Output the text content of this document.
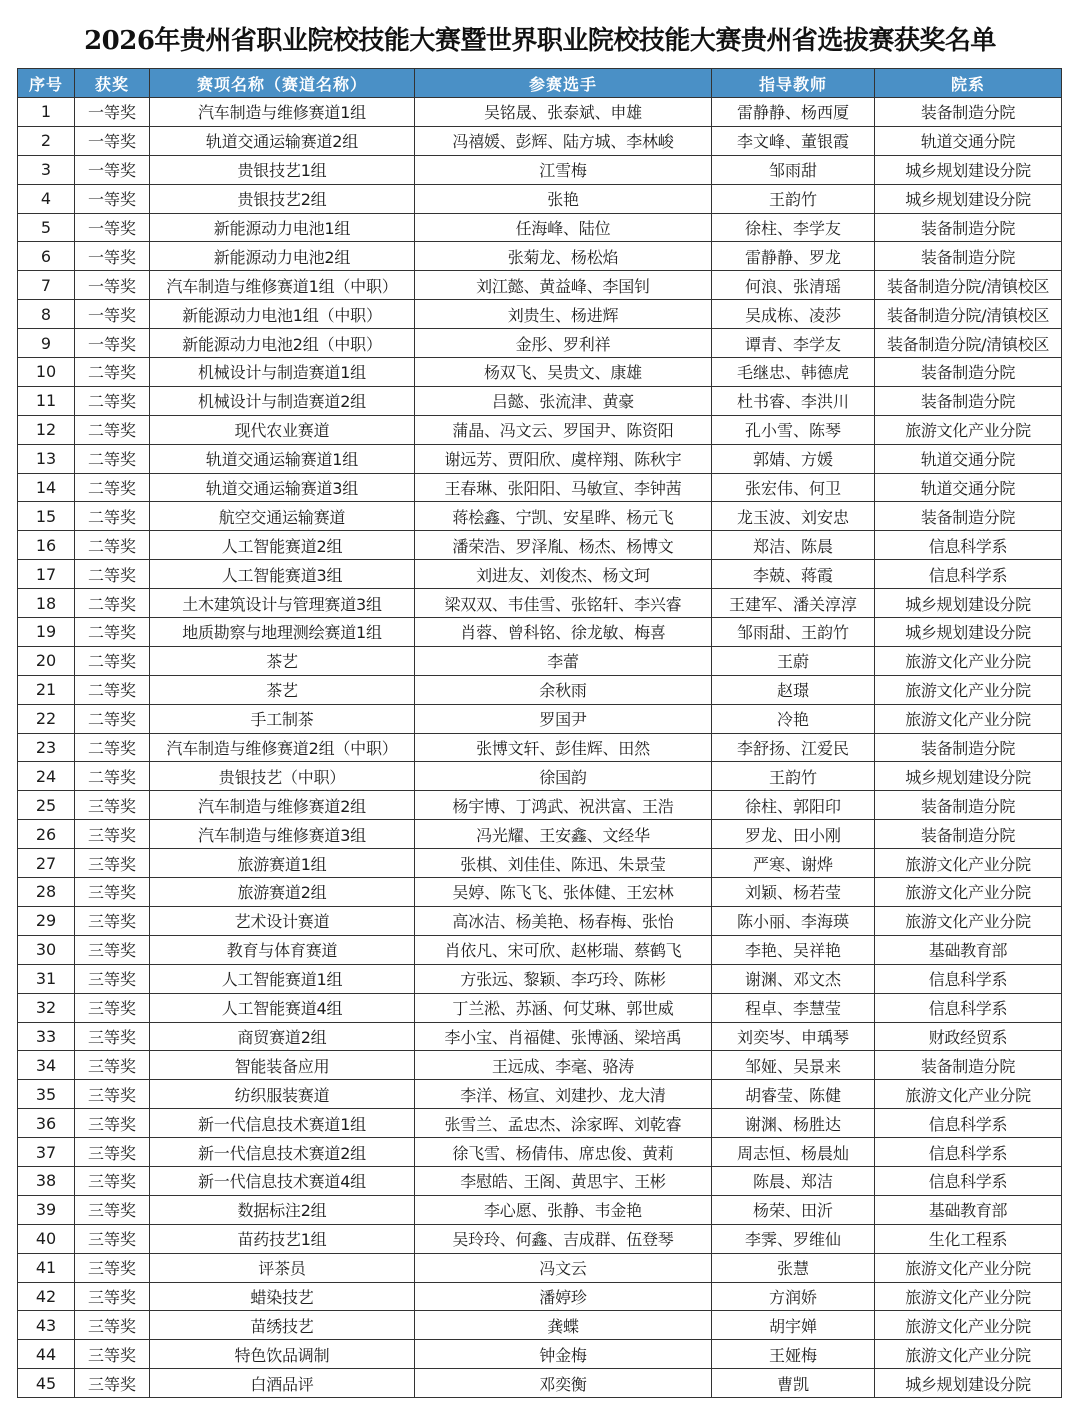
2026年贵州省职业院校技能大赛暨世界职业院校技能大赛贵州省选拔赛获奖名单
序号	获奖	赛项名称（赛道名称）	参赛选手	指导教师	院系
1	一等奖	汽车制造与维修赛道1组	吴铭晟、张泰斌、申雄	雷静静、杨西厦	装备制造分院
2	一等奖	轨道交通运输赛道2组	冯禧媛、彭辉、陆方城、李林峻	李文峰、董银霞	轨道交通分院
3	一等奖	贵银技艺1组	江雪梅	邹雨甜	城乡规划建设分院
4	一等奖	贵银技艺2组	张艳	王韵竹	城乡规划建设分院
5	一等奖	新能源动力电池1组	任海峰、陆位	徐柱、李学友	装备制造分院
6	一等奖	新能源动力电池2组	张菊龙、杨松焰	雷静静、罗龙	装备制造分院
7	一等奖	汽车制造与维修赛道1组（中职）	刘江懿、黄益峰、李国钊	何浪、张清瑶	装备制造分院/清镇校区
8	一等奖	新能源动力电池1组（中职）	刘贵生、杨进辉	吴成栋、凌莎	装备制造分院/清镇校区
9	一等奖	新能源动力电池2组（中职）	金彤、罗利祥	谭青、李学友	装备制造分院/清镇校区
10	二等奖	机械设计与制造赛道1组	杨双飞、吴贵文、康雄	毛继忠、韩德虎	装备制造分院
11	二等奖	机械设计与制造赛道2组	吕懿、张流津、黄豪	杜书睿、李洪川	装备制造分院
12	二等奖	现代农业赛道	蒲晶、冯文云、罗国尹、陈资阳	孔小雪、陈琴	旅游文化产业分院
13	二等奖	轨道交通运输赛道1组	谢远芳、贾阳欣、虞梓翔、陈秋宇	郭婧、方媛	轨道交通分院
14	二等奖	轨道交通运输赛道3组	王春琳、张阳阳、马敏宣、李钟茜	张宏伟、何卫	轨道交通分院
15	二等奖	航空交通运输赛道	蒋桧鑫、宁凯、安星晔、杨元飞	龙玉波、刘安忠	装备制造分院
16	二等奖	人工智能赛道2组	潘荣浩、罗泽胤、杨杰、杨博文	郑洁、陈晨	信息科学系
17	二等奖	人工智能赛道3组	刘进友、刘俊杰、杨文珂	李兢、蒋霞	信息科学系
18	二等奖	土木建筑设计与管理赛道3组	梁双双、韦佳雪、张铭轩、李兴睿	王建军、潘关淳淳	城乡规划建设分院
19	二等奖	地质勘察与地理测绘赛道1组	肖蓉、曾科铭、徐龙敏、梅喜	邹雨甜、王韵竹	城乡规划建设分院
20	二等奖	茶艺	李蕾	王蔚	旅游文化产业分院
21	二等奖	茶艺	余秋雨	赵璟	旅游文化产业分院
22	二等奖	手工制茶	罗国尹	冷艳	旅游文化产业分院
23	二等奖	汽车制造与维修赛道2组（中职）	张博文轩、彭佳辉、田然	李舒扬、江爱民	装备制造分院
24	二等奖	贵银技艺（中职）	徐国韵	王韵竹	城乡规划建设分院
25	三等奖	汽车制造与维修赛道2组	杨宇博、丁鸿武、祝洪富、王浩	徐柱、郭阳印	装备制造分院
26	三等奖	汽车制造与维修赛道3组	冯光耀、王安鑫、文经华	罗龙、田小刚	装备制造分院
27	三等奖	旅游赛道1组	张棋、刘佳佳、陈迅、朱景莹	严寒、谢烨	旅游文化产业分院
28	三等奖	旅游赛道2组	吴婷、陈飞飞、张体健、王宏林	刘颖、杨若莹	旅游文化产业分院
29	三等奖	艺术设计赛道	高冰洁、杨美艳、杨春梅、张怡	陈小丽、李海瑛	旅游文化产业分院
30	三等奖	教育与体育赛道	肖依凡、宋可欣、赵彬瑞、蔡鹤飞	李艳、吴祥艳	基础教育部
31	三等奖	人工智能赛道1组	方张远、黎颖、李巧玲、陈彬	谢渊、邓文杰	信息科学系
32	三等奖	人工智能赛道4组	丁兰淞、苏涵、何艾琳、郭世威	程卓、李慧莹	信息科学系
33	三等奖	商贸赛道2组	李小宝、肖福健、张博涵、梁培禹	刘奕岑、申瑀琴	财政经贸系
34	三等奖	智能装备应用	王远成、李毫、骆涛	邹娅、吴景来	装备制造分院
35	三等奖	纺织服装赛道	李洋、杨宣、刘建抄、龙大清	胡睿莹、陈健	旅游文化产业分院
36	三等奖	新一代信息技术赛道1组	张雪兰、孟忠杰、涂家晖、刘乾睿	谢渊、杨胜达	信息科学系
37	三等奖	新一代信息技术赛道2组	徐飞雪、杨倩伟、席忠俊、黄莉	周志恒、杨晨灿	信息科学系
38	三等奖	新一代信息技术赛道4组	李慰皓、王阁、黄思宇、王彬	陈晨、郑洁	信息科学系
39	三等奖	数据标注2组	李心愿、张静、韦金艳	杨荣、田沂	基础教育部
40	三等奖	苗药技艺1组	吴玲玲、何鑫、吉成群、伍登琴	李霁、罗维仙	生化工程系
41	三等奖	评茶员	冯文云	张慧	旅游文化产业分院
42	三等奖	蜡染技艺	潘婷珍	方润娇	旅游文化产业分院
43	三等奖	苗绣技艺	龚蝶	胡宇婵	旅游文化产业分院
44	三等奖	特色饮品调制	钟金梅	王娅梅	旅游文化产业分院
45	三等奖	白酒品评	邓奕衡	曹凯	城乡规划建设分院
